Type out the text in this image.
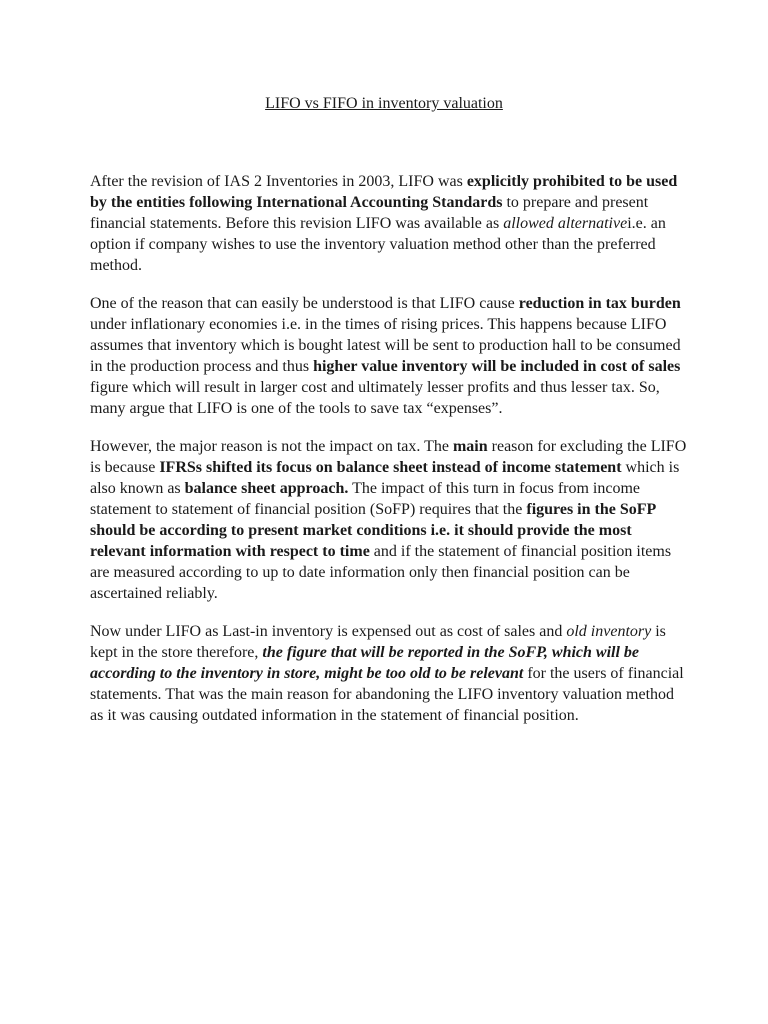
LIFO vs FIFO in inventory valuation

After the revision of IAS 2 Inventories in 2003, LIFO was explicitly prohibited to be used by the entities following International Accounting Standards to prepare and present financial statements. Before this revision LIFO was available as allowed alternativei.e. an option if company wishes to use the inventory valuation method other than the preferred method.

One of the reason that can easily be understood is that LIFO cause reduction in tax burden under inflationary economies i.e. in the times of rising prices. This happens because LIFO assumes that inventory which is bought latest will be sent to production hall to be consumed in the production process and thus higher value inventory will be included in cost of sales figure which will result in larger cost and ultimately lesser profits and thus lesser tax. So, many argue that LIFO is one of the tools to save tax “expenses”.

However, the major reason is not the impact on tax. The main reason for excluding the LIFO is because IFRSs shifted its focus on balance sheet instead of income statement which is also known as balance sheet approach. The impact of this turn in focus from income statement to statement of financial position (SoFP) requires that the figures in the SoFP should be according to present market conditions i.e. it should provide the most relevant information with respect to time and if the statement of financial position items are measured according to up to date information only then financial position can be ascertained reliably.

Now under LIFO as Last-in inventory is expensed out as cost of sales and old inventory is kept in the store therefore, the figure that will be reported in the SoFP, which will be according to the inventory in store, might be too old to be relevant for the users of financial statements. That was the main reason for abandoning the LIFO inventory valuation method as it was causing outdated information in the statement of financial position.
